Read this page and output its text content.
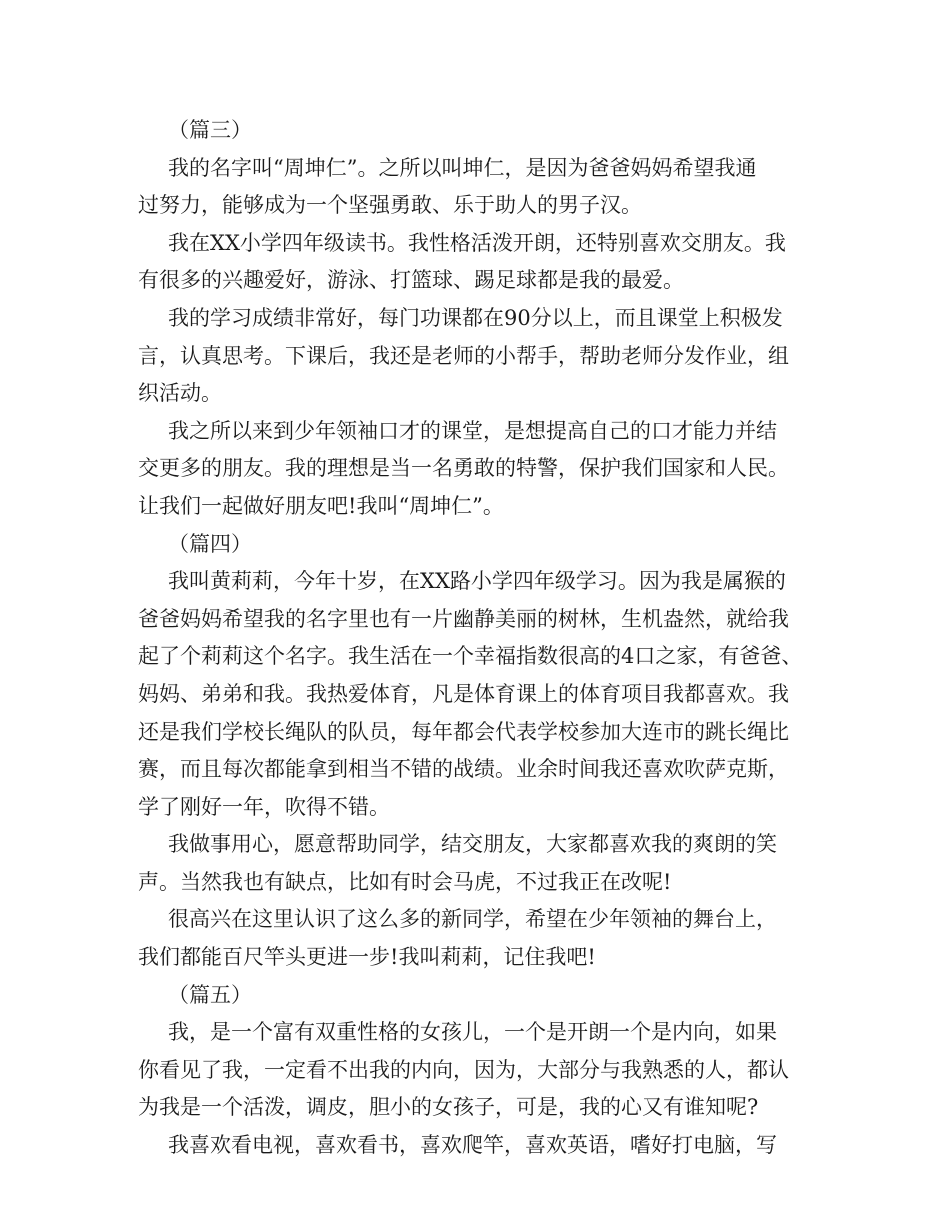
（篇三）
我的名字叫“周坤仁”。之所以叫坤仁，是因为爸爸妈妈希望我通
过努力，能够成为一个坚强勇敢、乐于助人的男子汉。
我在XX小学四年级读书。我性格活泼开朗，还特别喜欢交朋友。我
有很多的兴趣爱好，游泳、打篮球、踢足球都是我的最爱。
我的学习成绩非常好，每门功课都在90分以上，而且课堂上积极发
言，认真思考。下课后，我还是老师的小帮手，帮助老师分发作业，组
织活动。
我之所以来到少年领袖口才的课堂，是想提高自己的口才能力并结
交更多的朋友。我的理想是当一名勇敢的特警，保护我们国家和人民。
让我们一起做好朋友吧!我叫“周坤仁”。
（篇四）
我叫黄莉莉，今年十岁，在XX路小学四年级学习。因为我是属猴的
爸爸妈妈希望我的名字里也有一片幽静美丽的树林，生机盎然，就给我
起了个莉莉这个名字。我生活在一个幸福指数很高的4口之家，有爸爸、
妈妈、弟弟和我。我热爱体育，凡是体育课上的体育项目我都喜欢。我
还是我们学校长绳队的队员，每年都会代表学校参加大连市的跳长绳比
赛，而且每次都能拿到相当不错的战绩。业余时间我还喜欢吹萨克斯，
学了刚好一年，吹得不错。
我做事用心，愿意帮助同学，结交朋友，大家都喜欢我的爽朗的笑
声。当然我也有缺点，比如有时会马虎，不过我正在改呢!
很高兴在这里认识了这么多的新同学，希望在少年领袖的舞台上，
我们都能百尺竿头更进一步!我叫莉莉，记住我吧!
（篇五）
我，是一个富有双重性格的女孩儿，一个是开朗一个是内向，如果
你看见了我，一定看不出我的内向，因为，大部分与我熟悉的人，都认
为我是一个活泼，调皮，胆小的女孩子，可是，我的心又有谁知呢?
我喜欢看电视，喜欢看书，喜欢爬竿，喜欢英语，嗜好打电脑，写
